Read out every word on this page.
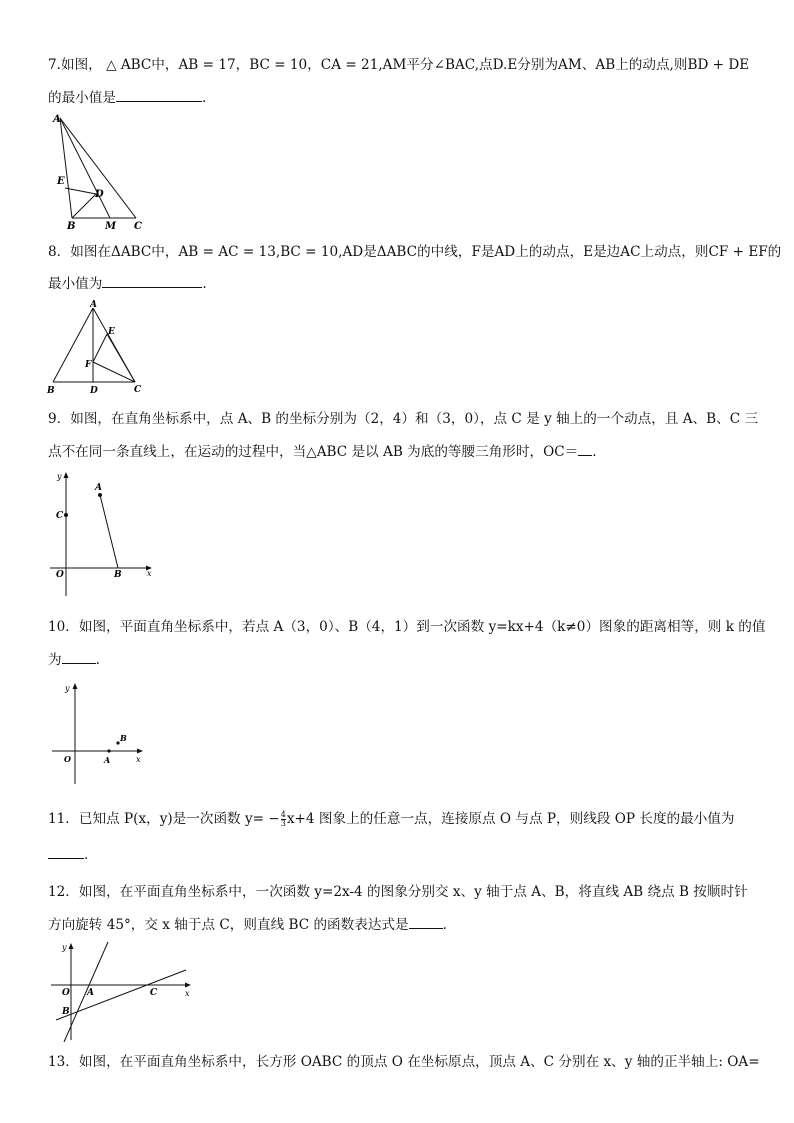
7.如图， △ ABC中，AB = 17，BC = 10，CA = 21,AM平分∠BAC,点D.E分别为AM、AB上的动点,则BD + DE
的最小值是	.
A
E
D
B	M C
8．如图在ΔABC中，AB = AC = 13,BC = 10,AD是ΔABC的中线，F是AD上的动点，E是边AC上动点，则CF + EF的
最小值为	.
A
E
F
B	D	C
9．如图，在直角坐标系中，点 A、B 的坐标分别为（2，4）和（3，0），点 C 是 y 轴上的一个动点，且 A、B、C 三
点不在同一条直线上，在运动的过程中，当△ABC 是以 AB 为底的等腰三角形时，OC＝ .
y
x
A
C
O	B
10．如图，平面直角坐标系中，若点 A（3，0）、B（4，1）到一次函数 y=kx+4（k≠0）图象的距离相等，则 k 的值
为	.
y
x
O	A
B
11．已知点 P(x，y)是一次函数 $y= - \frac{4}{3} x+4$ 图象上的任意一点，连接原点 O 与点 P，则线段 OP 长度的最小值为
.
12．如图，在平面直角坐标系中，一次函数 y=2x-4 的图象分别交 x、y 轴于点 A、B，将直线 AB 绕点 B 按顺时针
方向旋转 45°，交 x 轴于点 C，则直线 BC 的函数表达式是	.
y
x
O A	C
B
13．如图，在平面直角坐标系中，长方形 OABC 的顶点 O 在坐标原点，顶点 A、C 分别在 x、y 轴的正半轴上: OA=
